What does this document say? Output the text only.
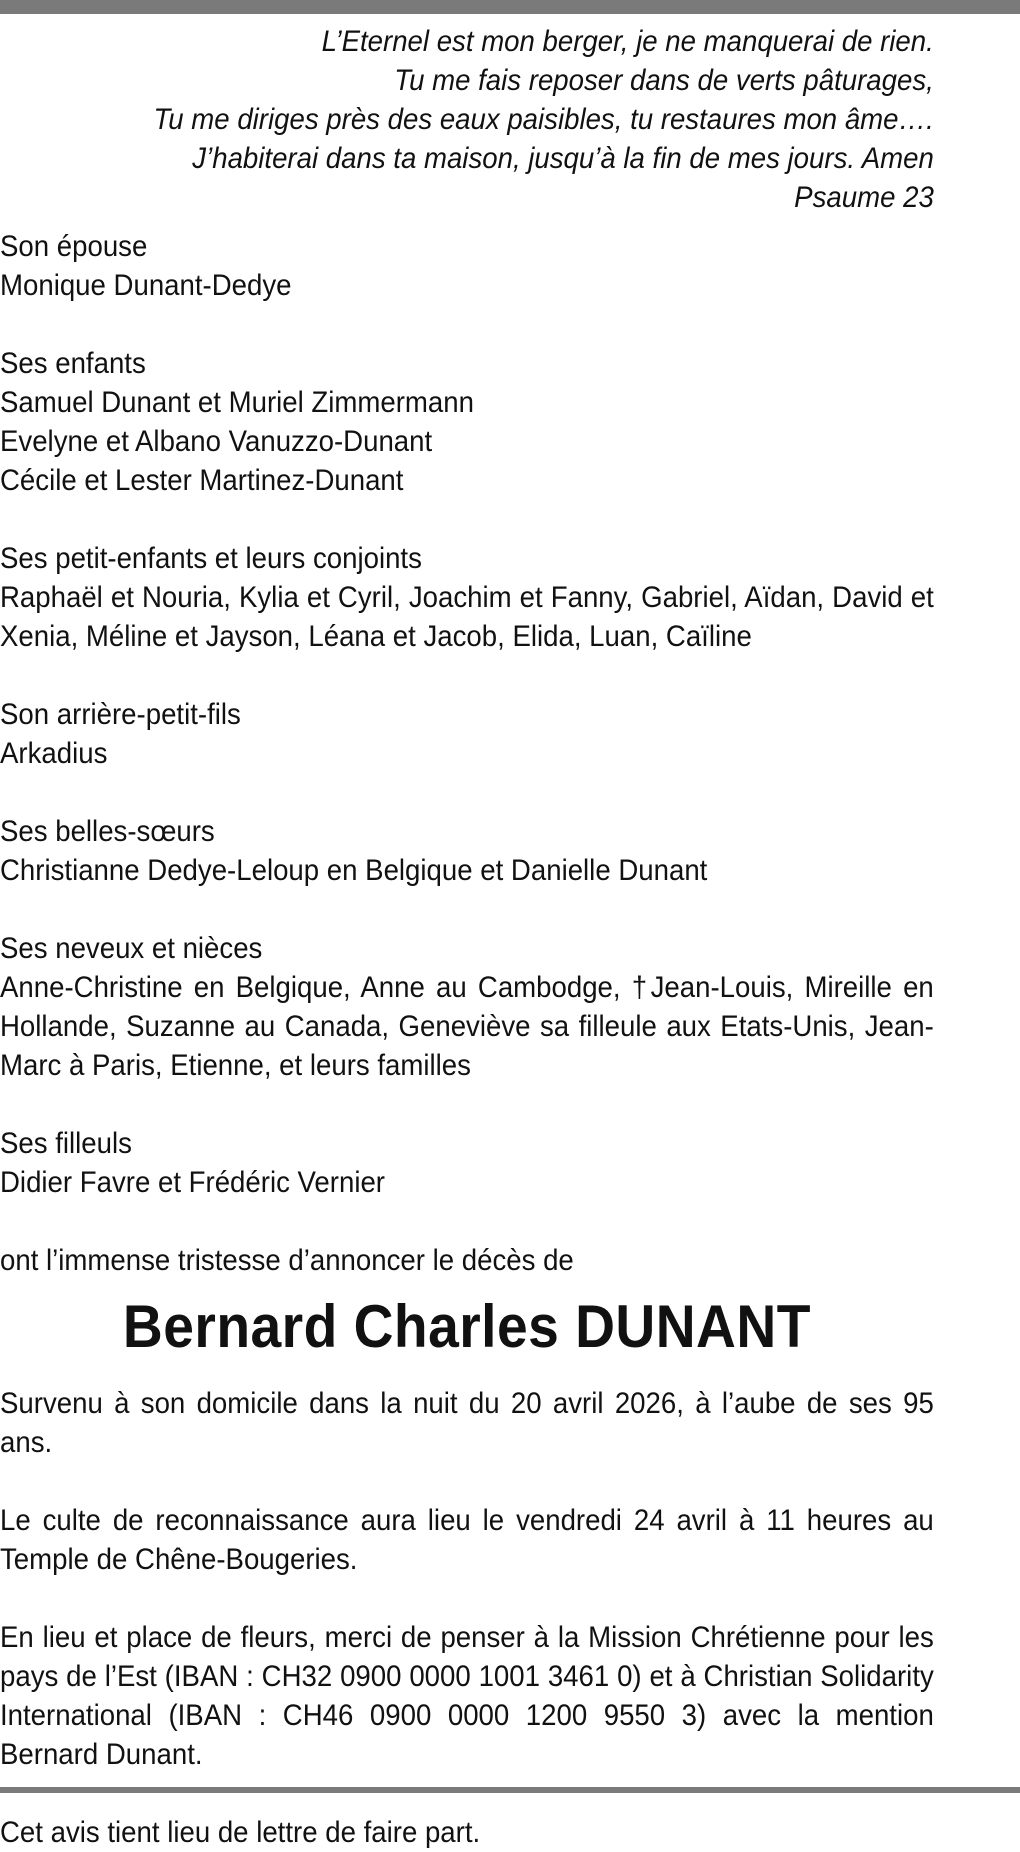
L’Eternel est mon berger, je ne manquerai de rien.
Tu me fais reposer dans de verts pâturages,
Tu me diriges près des eaux paisibles, tu restaures mon âme….
J’habiterai dans ta maison, jusqu’à la fin de mes jours. Amen
Psaume 23
Son épouse
Monique Dunant-Dedye
Ses enfants
Samuel Dunant et Muriel Zimmermann
Evelyne et Albano Vanuzzo-Dunant
Cécile et Lester Martinez-Dunant
Ses petit-enfants et leurs conjoints
Raphaël et Nouria, Kylia et Cyril, Joachim et Fanny, Gabriel, Aïdan, David et Xenia, Méline et Jayson, Léana et Jacob, Elida, Luan, Caïline
Son arrière-petit-fils
Arkadius
Ses belles-sœurs
Christianne Dedye-Leloup en Belgique et Danielle Dunant
Ses neveux et nièces
Anne-Christine en Belgique, Anne au Cambodge, †Jean-Louis, Mireille en Hollande, Suzanne au Canada, Geneviève sa filleule aux Etats-Unis, Jean-Marc à Paris, Etienne, et leurs familles
Ses filleuls
Didier Favre et Frédéric Vernier
ont l’immense tristesse d’annoncer le décès de
Bernard Charles DUNANT
Survenu à son domicile dans la nuit du 20 avril 2026, à l’aube de ses 95 ans.
Le culte de reconnaissance aura lieu le vendredi 24 avril à 11 heures au Temple de Chêne-Bougeries.
En lieu et place de fleurs, merci de penser à la Mission Chrétienne pour les pays de l’Est (IBAN : CH32 0900 0000 1001 3461 0) et à Christian Solidarity International (IBAN : CH46 0900 0000 1200 9550 3) avec la mention Bernard Dunant.
Cet avis tient lieu de lettre de faire part.
